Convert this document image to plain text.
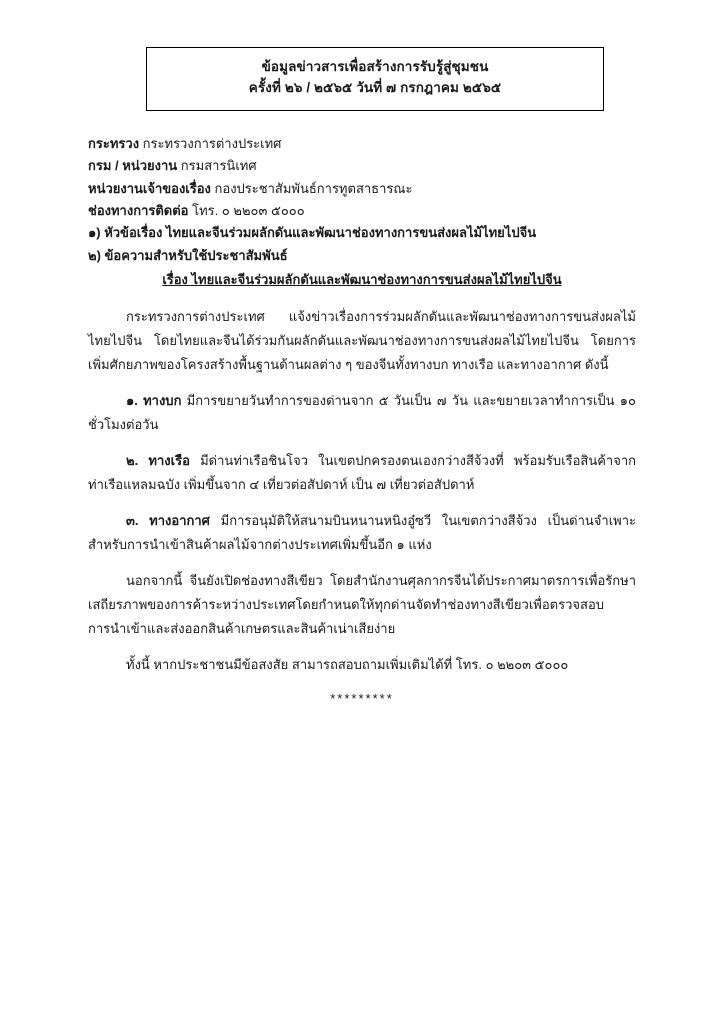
ข้อมูลข่าวสารเพื่อสร้างการรับรู้สู่ชุมชน
ครั้งที่ ๒๖ / ๒๕๖๕ วันที่ ๗ กรกฎาคม ๒๕๖๕
กระทรวง กระทรวงการต่างประเทศ
กรม / หน่วยงาน กรมสารนิเทศ
หน่วยงานเจ้าของเรื่อง กองประชาสัมพันธ์การทูตสาธารณะ
ช่องทางการติดต่อ โทร. ๐ ๒๒๐๓ ๕๐๐๐
๑) หัวข้อเรื่อง ไทยและจีนร่วมผลักดันและพัฒนาช่องทางการขนส่งผลไม้ไทยไปจีน
๒) ข้อความสำหรับใช้ประชาสัมพันธ์
เรื่อง ไทยและจีนร่วมผลักดันและพัฒนาช่องทางการขนส่งผลไม้ไทยไปจีน

กระทรวงการต่างประเทศ แจ้งข่าวเรื่องการร่วมผลักดันและพัฒนาช่องทางการขนส่งผลไม้ไทยไปจีน โดยไทยและจีนได้ร่วมกันผลักดันและพัฒนาช่องทางการขนส่งผลไม้ไทยไปจีน โดยการเพิ่มศักยภาพของโครงสร้างพื้นฐานด้านผลต่าง ๆ ของจีนทั้งทางบก ทางเรือ และทางอากาศ ดังนี้

๑. ทางบก มีการขยายวันทำการของด่านจาก ๕ วันเป็น ๗ วัน และขยายเวลาทำการเป็น ๑๐ ชั่วโมงต่อวัน

๒. ทางเรือ มีด่านท่าเรือชินโจว ในเขตปกครองตนเองกว่างสีจ้วงที่ พร้อมรับเรือสินค้าจากท่าเรือแหลมฉบัง เพิ่มขึ้นจาก ๔ เที่ยวต่อสัปดาห์ เป็น ๗ เที่ยวต่อสัปดาห์

๓. ทางอากาศ มีการอนุมัติให้สนามบินหนานหนิงอู๋ซวี ในเขตกว่างสีจ้วง เป็นด่านจำเพาะสำหรับการนำเข้าสินค้าผลไม้จากต่างประเทศเพิ่มขึ้นอีก ๑ แห่ง

นอกจากนี้ จีนยังเปิดช่องทางสีเขียว โดยสำนักงานศุลกากรจีนได้ประกาศมาตรการเพื่อรักษาเสถียรภาพของการค้าระหว่างประเทศโดยกำหนดให้ทุกด่านจัดทำช่องทางสีเขียวเพื่อตรวจสอบการนำเข้าและส่งออกสินค้าเกษตรและสินค้าเน่าเสียง่าย

ทั้งนี้ หากประชาชนมีข้อสงสัย สามารถสอบถามเพิ่มเติมได้ที่ โทร. ๐ ๒๒๐๓ ๕๐๐๐

*********
